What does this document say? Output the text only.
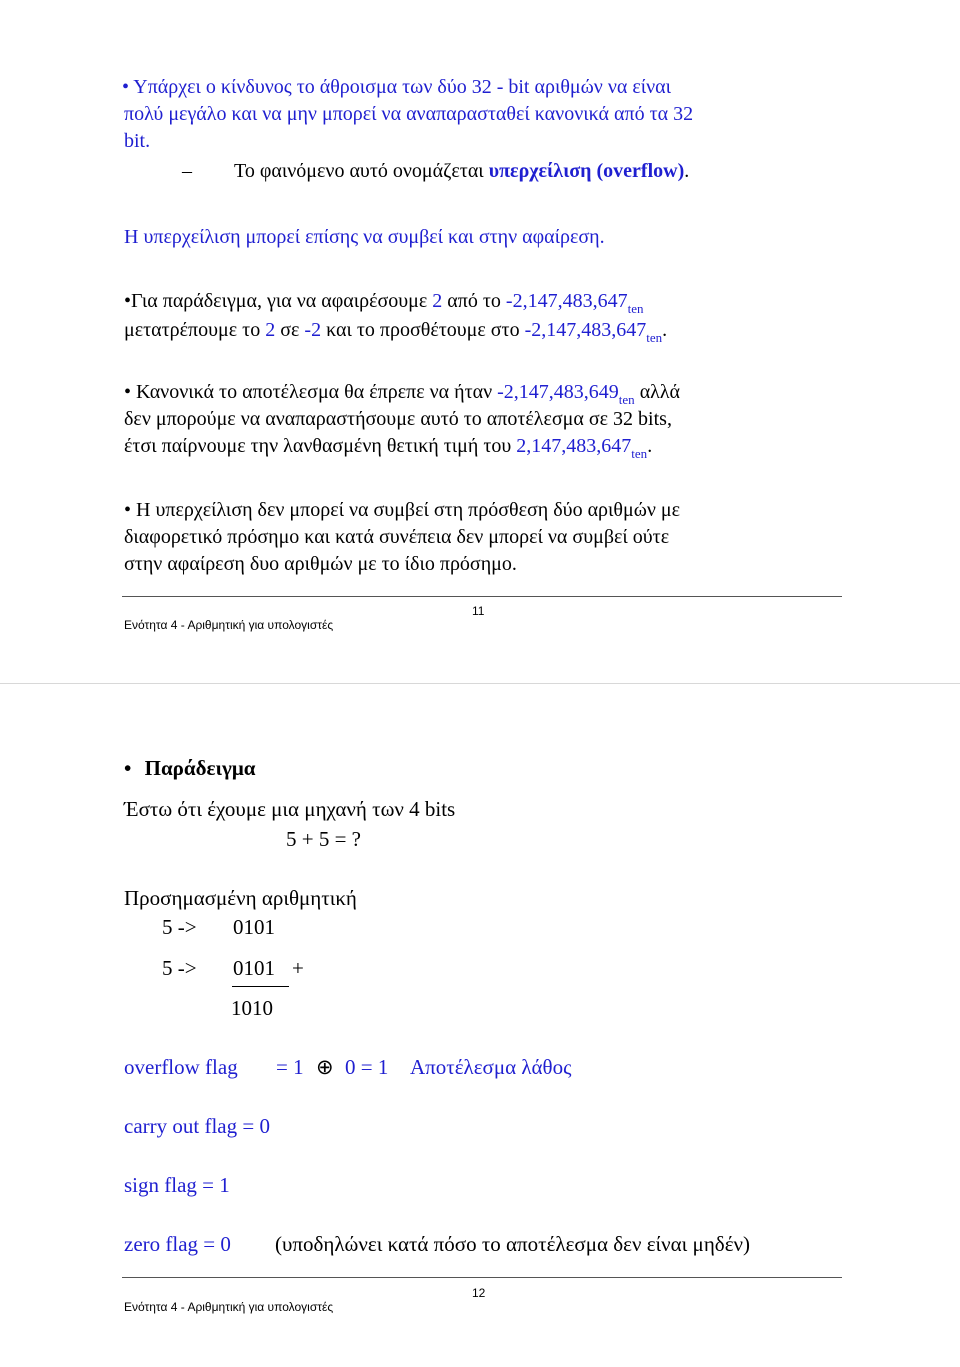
• Υπάρχει ο κίνδυνος το άθροισμα των δύο 32 - bit αριθμών να είναι
πολύ μεγάλο και να μην μπορεί να αναπαρασταθεί κανονικά από τα 32
bit.
– Το φαινόμενο αυτό ονομάζεται υπερχείλιση (overflow).
Η υπερχείλιση μπορεί επίσης να συμβεί και στην αφαίρεση.
•Για παράδειγμα, για να αφαιρέσουμε 2 από το $-2,147,483,647_{ten}$
μετατρέπουμε το 2 σε -2 και το προσθέτουμε στο $-2,147,483,647_{ten}$.
• Κανονικά το αποτέλεσμα θα έπρεπε να ήταν $-2,147,483,649_{ten}$ αλλά
δεν μπορούμε να αναπαραστήσουμε αυτό το αποτέλεσμα σε 32 bits,
έτσι παίρνουμε την λανθασμένη θετική τιμή του $2,147,483,647_{ten}$.
• Η υπερχείλιση δεν μπορεί να συμβεί στη πρόσθεση δύο αριθμών με
διαφορετικό πρόσημο και κατά συνέπεια δεν μπορεί να συμβεί ούτε
στην αφαίρεση δυο αριθμών με το ίδιο πρόσημο.
11
Ενότητα 4 - Αριθμητική για υπολογιστές
• Παράδειγμα
Έστω ότι έχουμε μια μηχανή των 4 bits
5 + 5 = ?
Προσημασμένη αριθμητική
5 -> 0101
5 -> 0101 +
1010
overflow flag = 1 ⊕ 0 = 1 Αποτέλεσμα λάθος
carry out flag = 0
sign flag = 1
zero flag = 0 (υποδηλώνει κατά πόσο το αποτέλεσμα δεν είναι μηδέν)
12
Ενότητα 4 - Αριθμητική για υπολογιστές
